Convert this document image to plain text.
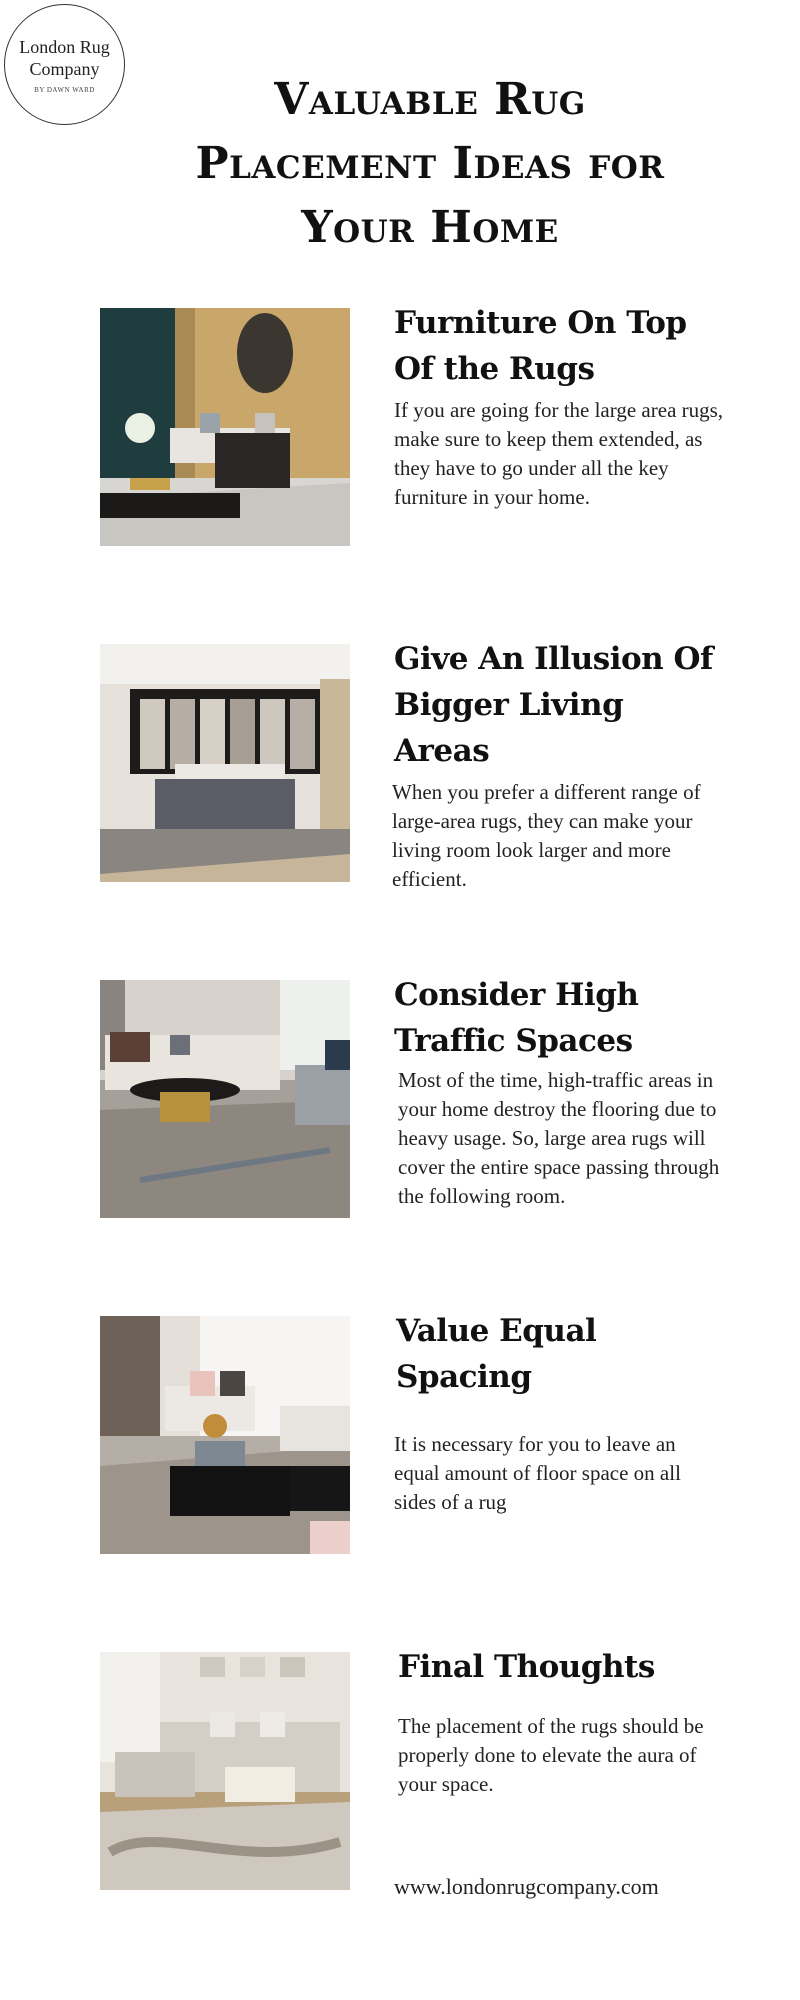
London Rug
Company
BY DAWN WARD	Valuable Rug Placement Ideas for Your Home
Furniture On Top Of the Rugs
If you are going for the large area rugs, make sure to keep them extended, as they have to go under all the key furniture in your home.
Give An Illusion Of Bigger Living Areas
When you prefer a different range of large-area rugs, they can make your living room look larger and more efficient.
Consider High Traffic Spaces
Most of the time, high-traffic areas in your home destroy the flooring due to heavy usage. So, large area rugs will cover the entire space passing through the following room.
Value Equal Spacing
It is necessary for you to leave an equal amount of floor space on all sides of a rug
Final Thoughts
The placement of the rugs should be properly done to elevate the aura of your space.
www.londonrugcompany.com
